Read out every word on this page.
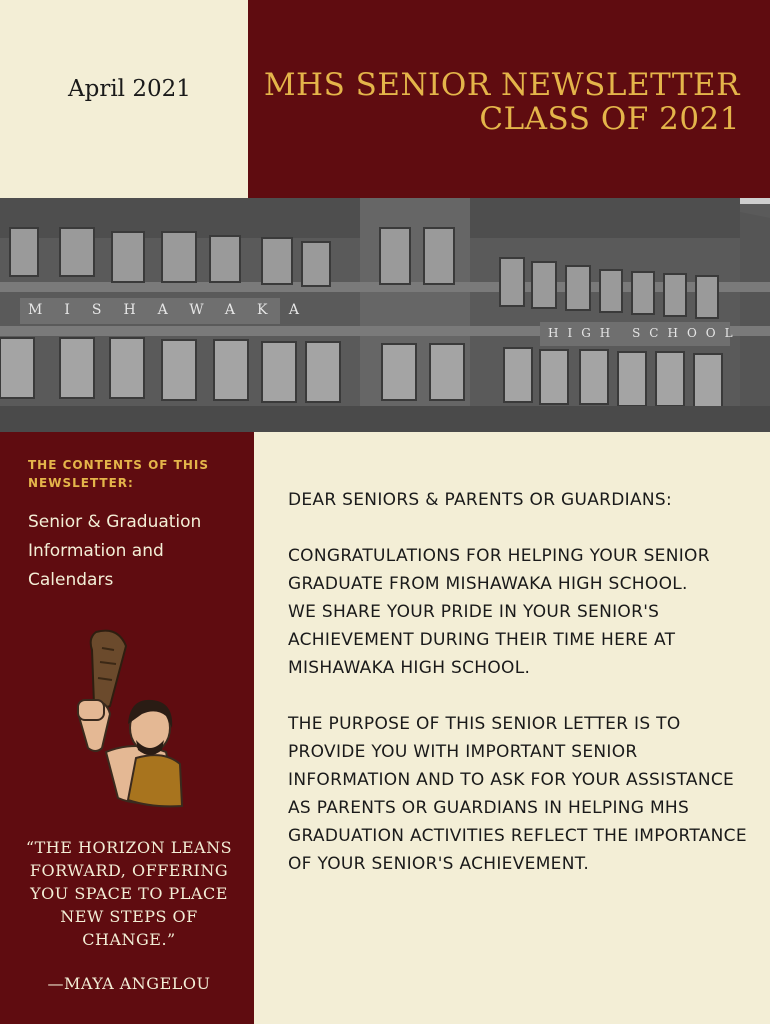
April 2021 MHS SENIOR NEWSLETTER
CLASS OF 2021
MISHAWAKA
HIGH SCHOOL
THE CONTENTS OF THIS NEWSLETTER:
Senior & Graduation
Information and
Calendars
“THE HORIZON LEANS FORWARD, OFFERING YOU SPACE TO PLACE NEW STEPS OF CHANGE.”
—MAYA ANGELOU

DEAR SENIORS & PARENTS OR GUARDIANS:

CONGRATULATIONS FOR HELPING YOUR SENIOR GRADUATE FROM MISHAWAKA HIGH SCHOOL.
WE SHARE YOUR PRIDE IN YOUR SENIOR'S ACHIEVEMENT DURING THEIR TIME HERE AT MISHAWAKA HIGH SCHOOL.

THE PURPOSE OF THIS SENIOR LETTER IS TO PROVIDE YOU WITH IMPORTANT SENIOR INFORMATION AND TO ASK FOR YOUR ASSISTANCE AS PARENTS OR GUARDIANS IN HELPING MHS GRADUATION ACTIVITIES REFLECT THE IMPORTANCE OF YOUR SENIOR'S ACHIEVEMENT.
